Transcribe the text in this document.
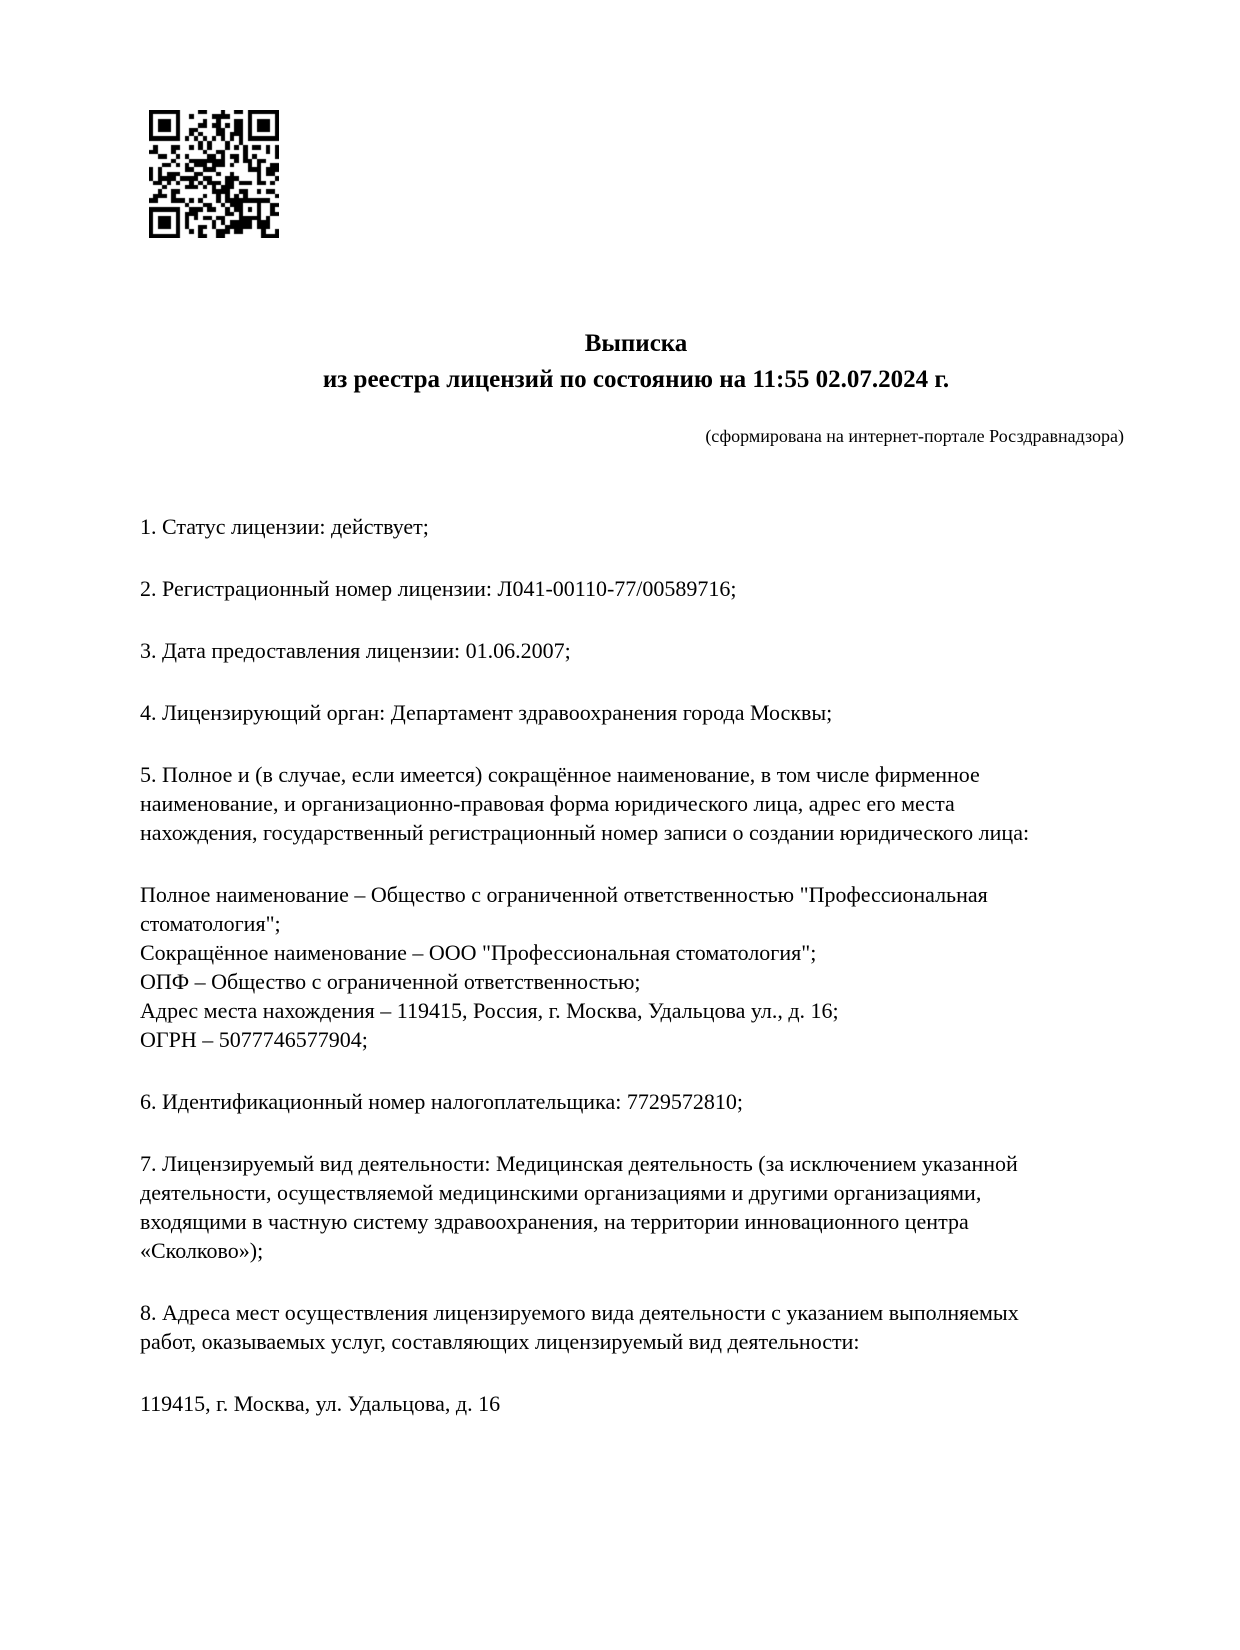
Выписка
из реестра лицензий по состоянию на 11:55 02.07.2024 г.
(сформирована на интернет-портале Росздравнадзора)
1. Статус лицензии: действует;
2. Регистрационный номер лицензии: Л041-00110-77/00589716;
3. Дата предоставления лицензии: 01.06.2007;
4. Лицензирующий орган: Департамент здравоохранения города Москвы;
5. Полное и (в случае, если имеется) сокращённое наименование, в том числе фирменное
наименование, и организационно-правовая форма юридического лица, адрес его места
нахождения, государственный регистрационный номер записи о создании юридического лица:
Полное наименование – Общество с ограниченной ответственностью "Профессиональная
стоматология";
Сокращённое наименование – ООО "Профессиональная стоматология";
ОПФ – Общество с ограниченной ответственностью;
Адрес места нахождения – 119415, Россия, г. Москва, Удальцова ул., д. 16;
ОГРН – 5077746577904;
6. Идентификационный номер налогоплательщика: 7729572810;
7. Лицензируемый вид деятельности: Медицинская деятельность (за исключением указанной
деятельности, осуществляемой медицинскими организациями и другими организациями,
входящими в частную систему здравоохранения, на территории инновационного центра
«Сколково»);
8. Адреса мест осуществления лицензируемого вида деятельности с указанием выполняемых
работ, оказываемых услуг, составляющих лицензируемый вид деятельности:
119415, г. Москва, ул. Удальцова, д. 16
